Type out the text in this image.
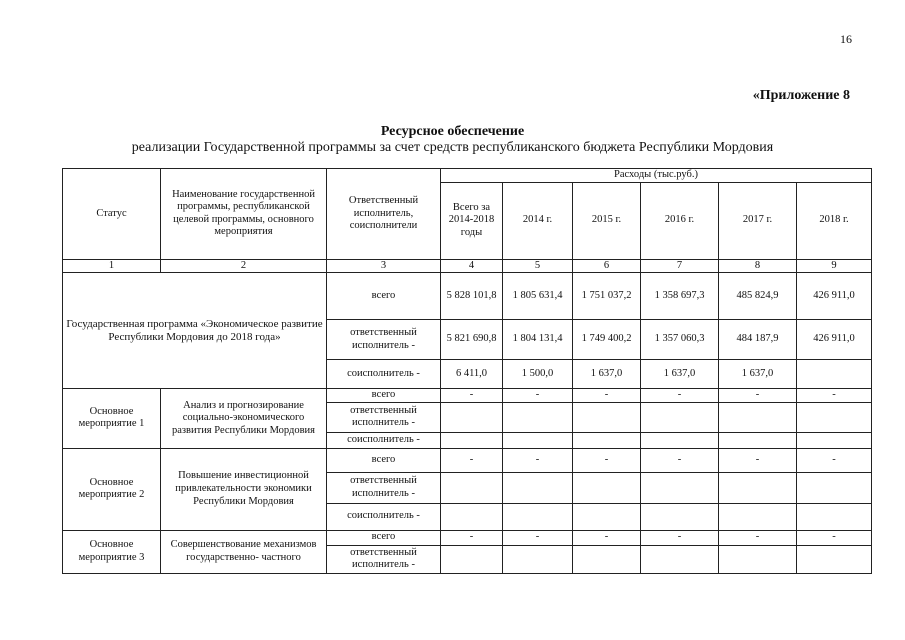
16
«Приложение 8
Ресурсное обеспечение
реализации Государственной программы за счет средств республиканского бюджета Республики Мордовия
Статус	Наименование государственной программы, республиканской целевой программы, основного мероприятия	Ответственный исполнитель, соисполнители	Расходы (тыс.руб.)					
			Всего за 2014-2018 годы	2014 г.	2015 г.	2016 г.	2017 г.	2018 г.
1	2	3	4	5	6	7	8	9
Государственная программа «Экономическое развитие Республики Мордовия до 2018 года»		всего	5 828 101,8	1 805 631,4	1 751 037,2	1 358 697,3	485 824,9	426 911,0
		ответственный исполнитель -	5 821 690,8	1 804 131,4	1 749 400,2	1 357 060,3	484 187,9	426 911,0
		соисполнитель -	6 411,0	1 500,0	1 637,0	1 637,0	1 637,0	
Основное мероприятие 1	Анализ и прогнозирование социально-экономического развития Республики Мордовия	всего	-	-	-	-	-	-
		ответственный исполнитель -						
		соисполнитель -						
Основное мероприятие 2	Повышение инвестиционной привлекательности экономики Республики Мордовия	всего	-	-	-	-	-	-
		ответственный исполнитель -						
		соисполнитель -						
Основное мероприятие 3	Совершенствование механизмов государственно- частного	всего	-	-	-	-	-	-
		ответственный исполнитель -						
